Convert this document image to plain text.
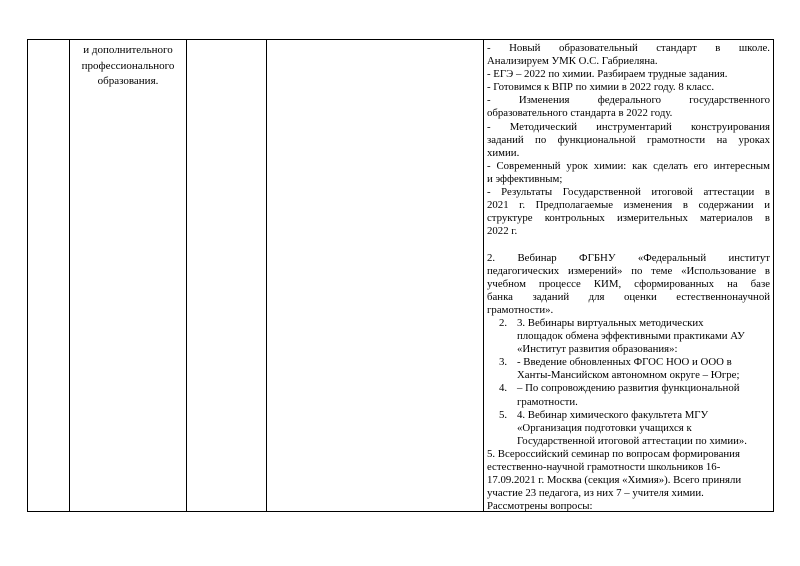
и дополнительного
профессионального
образования.
- Новый образовательный стандарт в школе.
Анализируем УМК О.С. Габриеляна.
- ЕГЭ – 2022 по химии. Разбираем трудные задания.
- Готовимся к ВПР по химии в 2022 году. 8 класс.
- Изменения федерального государственного
образовательного стандарта в 2022 году.
- Методический инструментарий конструирования
заданий по функциональной грамотности на уроках
химии.
- Современный урок химии: как сделать его интересным
и эффективным;
- Результаты Государственной итоговой аттестации в
2021 г. Предполагаемые изменения в содержании и
структуре контрольных измерительных материалов в
2022 г.

2. Вебинар ФГБНУ «Федеральный институт
педагогических измерений» по теме «Использование в
учебном процессе КИМ, сформированных на базе
банка заданий для оценки естественнонаучной
грамотности».
2. 3. Вебинары виртуальных методических
площадок обмена эффективными практиками АУ
«Институт развития образования»:
3. - Введение обновленных ФГОС НОО и ООО в
Ханты-Мансийском автономном округе – Югре;
4. – По сопровождению развития функциональной
грамотности.
5. 4. Вебинар химического факультета МГУ
«Организация подготовки учащихся к
Государственной итоговой аттестации по химии».
5. Всероссийский семинар по вопросам формирования
естественно-научной грамотности школьников 16-
17.09.2021 г. Москва (секция «Химия»). Всего приняли
участие 23 педагога, из них 7 – учителя химии.
Рассмотрены вопросы:
